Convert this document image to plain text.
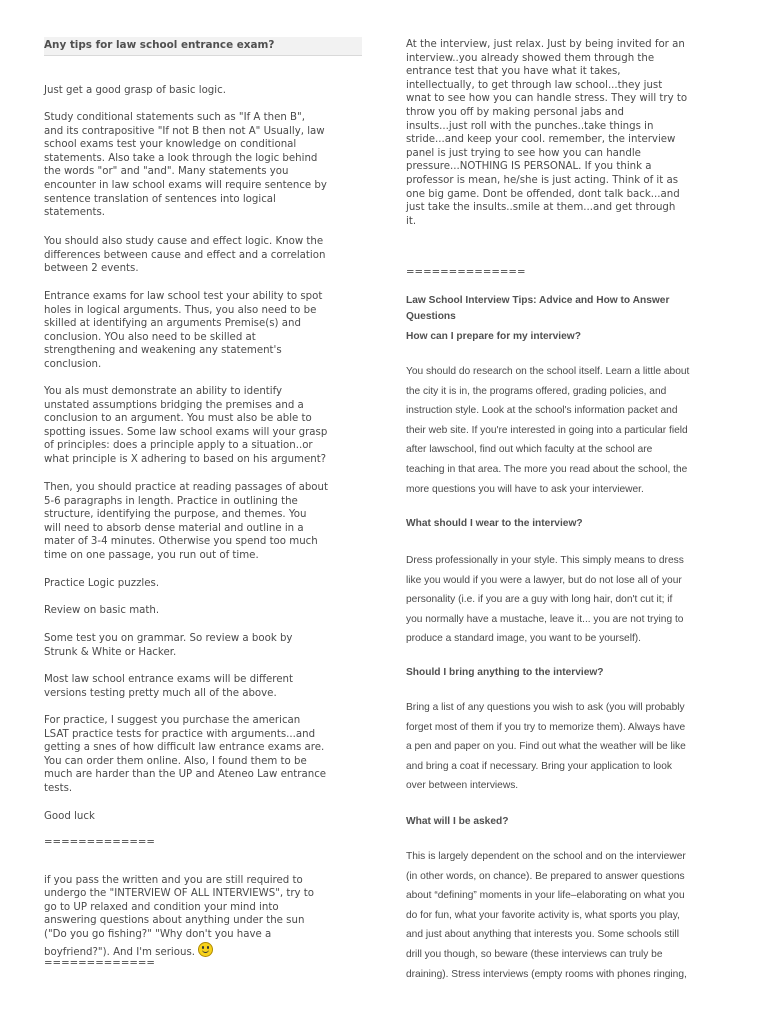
Any tips for law school entrance exam?

Just get a good grasp of basic logic.

Study conditional statements such as "If A then B",
and its contrapositive "If not B then not A" Usually, law
school exams test your knowledge on conditional
statements. Also take a look through the logic behind
the words "or" and "and". Many statements you
encounter in law school exams will require sentence by
sentence translation of sentences into logical
statements.

You should also study cause and effect logic. Know the
differences between cause and effect and a correlation
between 2 events.

Entrance exams for law school test your ability to spot
holes in logical arguments. Thus, you also need to be
skilled at identifying an arguments Premise(s) and
conclusion. YOu also need to be skilled at
strengthening and weakening any statement's
conclusion.

You als must demonstrate an ability to identify
unstated assumptions bridging the premises and a
conclusion to an argument. You must also be able to
spotting issues. Some law school exams will your grasp
of principles: does a principle apply to a situation..or
what principle is X adhering to based on his argument?

Then, you should practice at reading passages of about
5-6 paragraphs in length. Practice in outlining the
structure, identifying the purpose, and themes. You
will need to absorb dense material and outline in a
mater of 3-4 minutes. Otherwise you spend too much
time on one passage, you run out of time.

Practice Logic puzzles.

Review on basic math.

Some test you on grammar. So review a book by
Strunk & White or Hacker.

Most law school entrance exams will be different
versions testing pretty much all of the above.

For practice, I suggest you purchase the american
LSAT practice tests for practice with arguments...and
getting a snes of how difficult law entrance exams are.
You can order them online. Also, I found them to be
much are harder than the UP and Ateneo Law entrance
tests.

Good luck

=============

if you pass the written and you are still required to
undergo the "INTERVIEW OF ALL INTERVIEWS", try to
go to UP relaxed and condition your mind into
answering questions about anything under the sun
("Do you go fishing?" "Why don't you have a
boyfriend?"). And I'm serious.

=============

At the interview, just relax. Just by being invited for an
interview..you already showed them through the
entrance test that you have what it takes,
intellectually, to get through law school...they just
wnat to see how you can handle stress. They will try to
throw you off by making personal jabs and
insults...just roll with the punches..take things in
stride...and keep your cool. remember, the interview
panel is just trying to see how you can handle
pressure...NOTHING IS PERSONAL. If you think a
professor is mean, he/she is just acting. Think of it as
one big game. Dont be offended, dont talk back...and
just take the insults..smile at them...and get through
it.

==============

Law School Interview Tips: Advice and How to Answer
Questions

How can I prepare for my interview?

You should do research on the school itself. Learn a little about
the city it is in, the programs offered, grading policies, and
instruction style. Look at the school's information packet and
their web site. If you're interested in going into a particular field
after lawschool, find out which faculty at the school are
teaching in that area. The more you read about the school, the
more questions you will have to ask your interviewer.

What should I wear to the interview?

Dress professionally in your style. This simply means to dress
like you would if you were a lawyer, but do not lose all of your
personality (i.e. if you are a guy with long hair, don't cut it; if
you normally have a mustache, leave it... you are not trying to
produce a standard image, you want to be yourself).

Should I bring anything to the interview?

Bring a list of any questions you wish to ask (you will probably
forget most of them if you try to memorize them). Always have
a pen and paper on you. Find out what the weather will be like
and bring a coat if necessary. Bring your application to look
over between interviews.

What will I be asked?

This is largely dependent on the school and on the interviewer
(in other words, on chance). Be prepared to answer questions
about “defining” moments in your life–elaborating on what you
do for fun, what your favorite activity is, what sports you play,
and just about anything that interests you. Some schools still
drill you though, so beware (these interviews can truly be
draining). Stress interviews (empty rooms with phones ringing,
